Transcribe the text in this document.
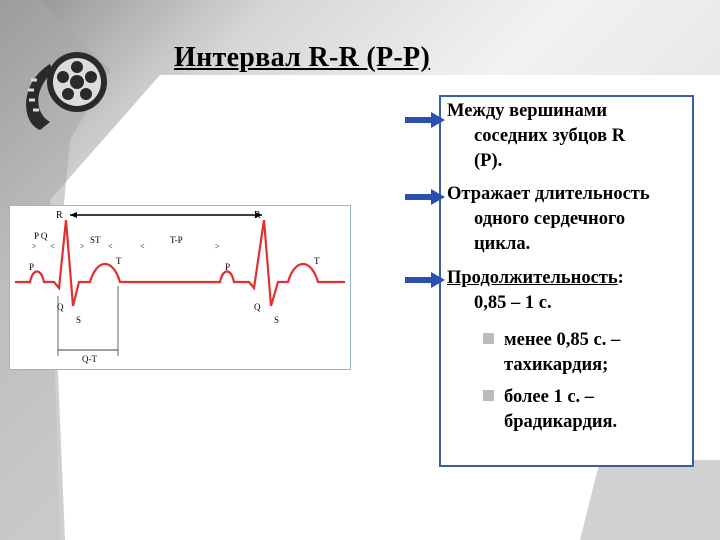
Интервал R-R (P-P)
R	R
P Q	ST	T-P
P	P
T	T
Q	Q
S	S
Q-T
> <	>	<	<	>
Между вершинами
соседних зубцов R
(Р).
Отражает длительность
одного сердечного
цикла.
Продолжительность:
0,85 – 1 с.
менее 0,85 с. –
тахикардия;
более 1 с. –
брадикардия.
